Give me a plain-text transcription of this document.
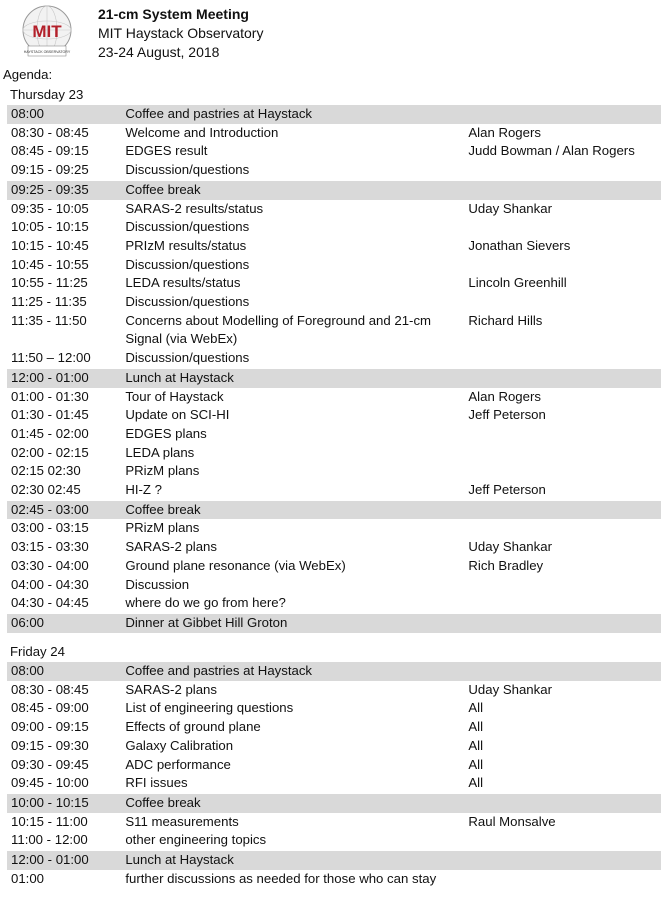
MIT
HAYSTACK OBSERVATORY
21-cm System Meeting
MIT Haystack Observatory
23-24 August, 2018
Agenda:
Thursday 23
08:00	Coffee and pastries at Haystack	
08:30 - 08:45	Welcome and Introduction	Alan Rogers
08:45 - 09:15	EDGES result	Judd Bowman / Alan Rogers
09:15 - 09:25	Discussion/questions	
09:25 - 09:35	Coffee break	
09:35 - 10:05	SARAS-2 results/status	Uday Shankar
10:05 - 10:15	Discussion/questions	
10:15 - 10:45	PRIzM results/status	Jonathan Sievers
10:45 - 10:55	Discussion/questions	
10:55 - 11:25	LEDA results/status	Lincoln Greenhill
11:25 - 11:35	Discussion/questions	
11:35 - 11:50	Concerns about Modelling of Foreground and 21-cm Signal (via WebEx)	Richard Hills
11:50 – 12:00	Discussion/questions	
12:00 - 01:00	Lunch at Haystack	
01:00 - 01:30	Tour of Haystack	Alan Rogers
01:30 - 01:45	Update on SCI-HI	Jeff Peterson
01:45 - 02:00	EDGES plans	
02:00 - 02:15	LEDA plans	
02:15 02:30	PRizM plans	
02:30 02:45	HI-Z ?	Jeff Peterson
02:45 - 03:00	Coffee break	
03:00 - 03:15	PRizM plans	
03:15 - 03:30	SARAS-2 plans	Uday Shankar
03:30 - 04:00	Ground plane resonance (via WebEx)	Rich Bradley
04:00 - 04:30	Discussion	
04:30 - 04:45	where do we go from here?	
06:00	Dinner at Gibbet Hill Groton	
Friday 24
08:00	Coffee and pastries at Haystack	
08:30 - 08:45	SARAS-2 plans	Uday Shankar
08:45 - 09:00	List of engineering questions	All
09:00 - 09:15	Effects of ground plane	All
09:15 - 09:30	Galaxy Calibration	All
09:30 - 09:45	ADC performance	All
09:45 - 10:00	RFI issues	All
10:00 - 10:15	Coffee break	
10:15 - 11:00	S11 measurements	Raul Monsalve
11:00 - 12:00	other engineering topics	
12:00 - 01:00	Lunch at Haystack	
01:00	further discussions as needed for those who can stay	
